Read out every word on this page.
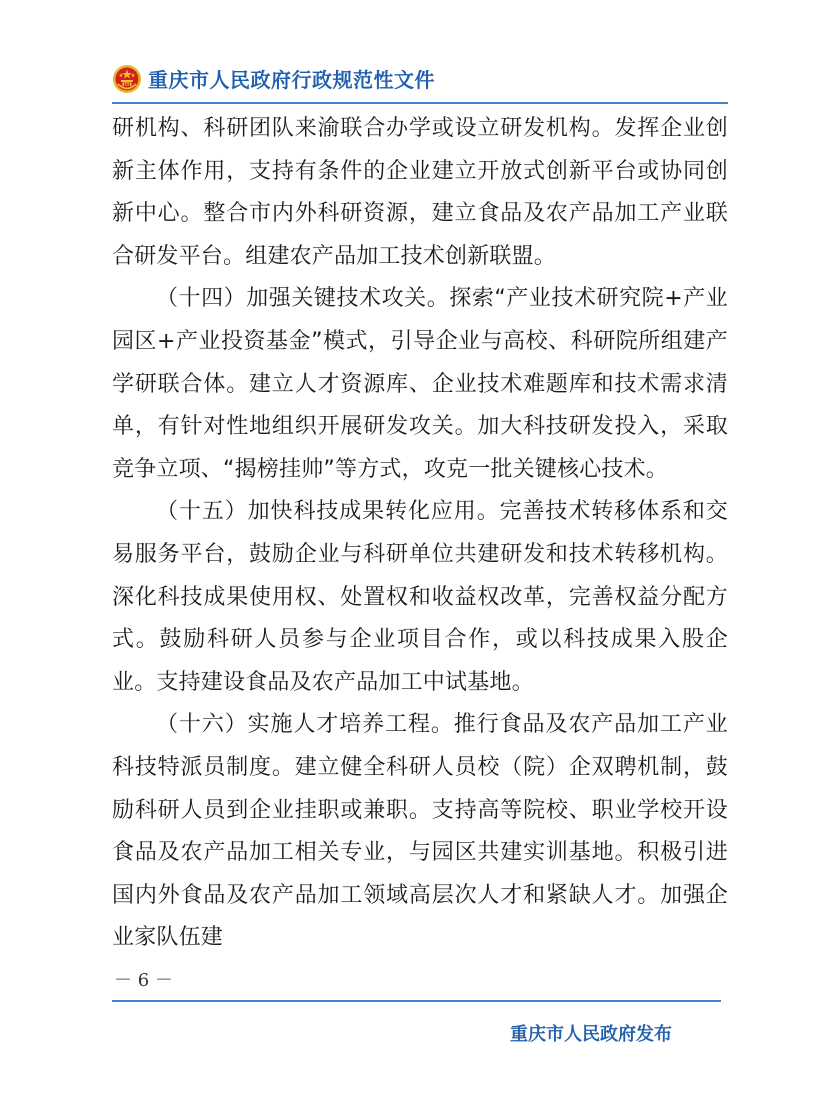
重庆市人民政府行政规范性文件

研机构、科研团队来渝联合办学或设立研发机构。发挥企业创新主体作用，支持有条件的企业建立开放式创新平台或协同创新中心。整合市内外科研资源，建立食品及农产品加工产业联合研发平台。组建农产品加工技术创新联盟。

（十四）加强关键技术攻关。探索“产业技术研究院+产业园区+产业投资基金”模式，引导企业与高校、科研院所组建产学研联合体。建立人才资源库、企业技术难题库和技术需求清单，有针对性地组织开展研发攻关。加大科技研发投入，采取竞争立项、“揭榜挂帅”等方式，攻克一批关键核心技术。

（十五）加快科技成果转化应用。完善技术转移体系和交易服务平台，鼓励企业与科研单位共建研发和技术转移机构。深化科技成果使用权、处置权和收益权改革，完善权益分配方式。鼓励科研人员参与企业项目合作，或以科技成果入股企业。支持建设食品及农产品加工中试基地。

（十六）实施人才培养工程。推行食品及农产品加工产业科技特派员制度。建立健全科研人员校（院）企双聘机制，鼓励科研人员到企业挂职或兼职。支持高等院校、职业学校开设食品及农产品加工相关专业，与园区共建实训基地。积极引进国内外食品及农产品加工领域高层次人才和紧缺人才。加强企业家队伍建

－ 6 －
重庆市人民政府发布
